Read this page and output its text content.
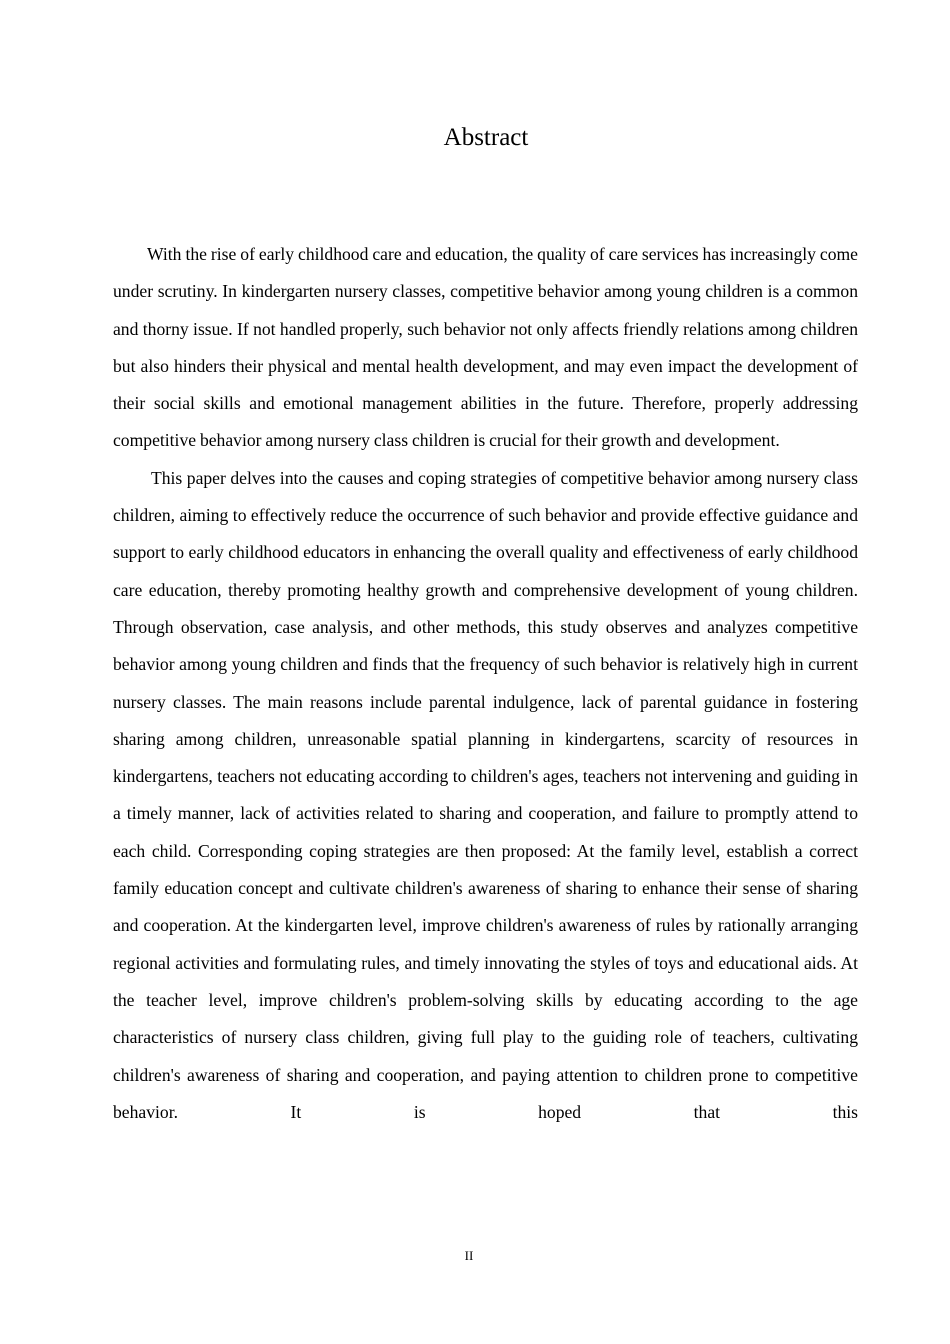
Abstract

With the rise of early childhood care and education, the quality of care services has increasingly come under scrutiny. In kindergarten nursery classes, competitive behavior among young children is a common and thorny issue. If not handled properly, such behavior not only affects friendly relations among children but also hinders their physical and mental health development, and may even impact the development of their social skills and emotional management abilities in the future. Therefore, properly addressing competitive behavior among nursery class children is crucial for their growth and development.

This paper delves into the causes and coping strategies of competitive behavior among nursery class children, aiming to effectively reduce the occurrence of such behavior and provide effective guidance and support to early childhood educators in enhancing the overall quality and effectiveness of early childhood care education, thereby promoting healthy growth and comprehensive development of young children. Through observation, case analysis, and other methods, this study observes and analyzes competitive behavior among young children and finds that the frequency of such behavior is relatively high in current nursery classes. The main reasons include parental indulgence, lack of parental guidance in fostering sharing among children, unreasonable spatial planning in kindergartens, scarcity of resources in kindergartens, teachers not educating according to children's ages, teachers not intervening and guiding in a timely manner, lack of activities related to sharing and cooperation, and failure to promptly attend to each child. Corresponding coping strategies are then proposed: At the family level, establish a correct family education concept and cultivate children's awareness of sharing to enhance their sense of sharing and cooperation. At the kindergarten level, improve children's awareness of rules by rationally arranging regional activities and formulating rules, and timely innovating the styles of toys and educational aids. At the teacher level, improve children's problem-solving skills by educating according to the age characteristics of nursery class children, giving full play to the guiding role of teachers, cultivating children's awareness of sharing and cooperation, and paying attention to children prone to competitive behavior. It is hoped that this

II
